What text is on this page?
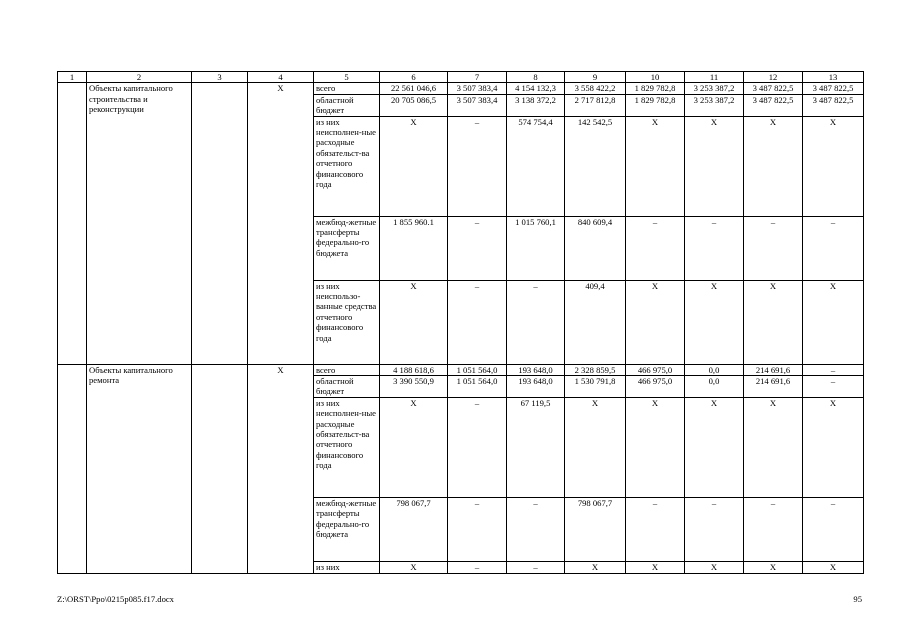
1	2	3	4	5	6	7	8	9	10	11	12	13
	Объекты капитального строительства и реконструкции		Х	всего	22 561 046,6	3 507 383,4	4 154 132,3	3 558 422,2	1 829 782,8	3 253 387,2	3 487 822,5	3 487 822,5
				областной бюджет	20 705 086,5	3 507 383,4	3 138 372,2	2 717 812,8	1 829 782,8	3 253 387,2	3 487 822,5	3 487 822,5
				из них неисполнен-ные расходные обязательст-ва отчетного финансового года	Х	–	574 754,4	142 542,5	Х	Х	Х	Х
				межбюд-жетные трансферты федерально-го бюджета	1 855 960.1	–	1 015 760,1	840 609,4	–	–	–	–
				из них неиспользо-ванные средства отчетного финансового года	Х	–	–	409,4	Х	Х	Х	Х
	Объекты капитального ремонта		Х	всего	4 188 618,6	1 051 564,0	193 648,0	2 328 859,5	466 975,0	0,0	214 691,6	–
				областной бюджет	3 390 550,9	1 051 564,0	193 648,0	1 530 791,8	466 975,0	0,0	214 691,6	–
				из них неисполнен-ные расходные обязательст-ва отчетного финансового года	Х	–	67 119,5	Х	Х	Х	Х	Х
				межбюд-жетные трансферты федерально-го бюджета	798 067,7	–	–	798 067,7	–	–	–	–
				из них	Х	–	–	Х	Х	Х	Х	Х
Z:\ORST\Ppo\0215p085.f17.docx	95
